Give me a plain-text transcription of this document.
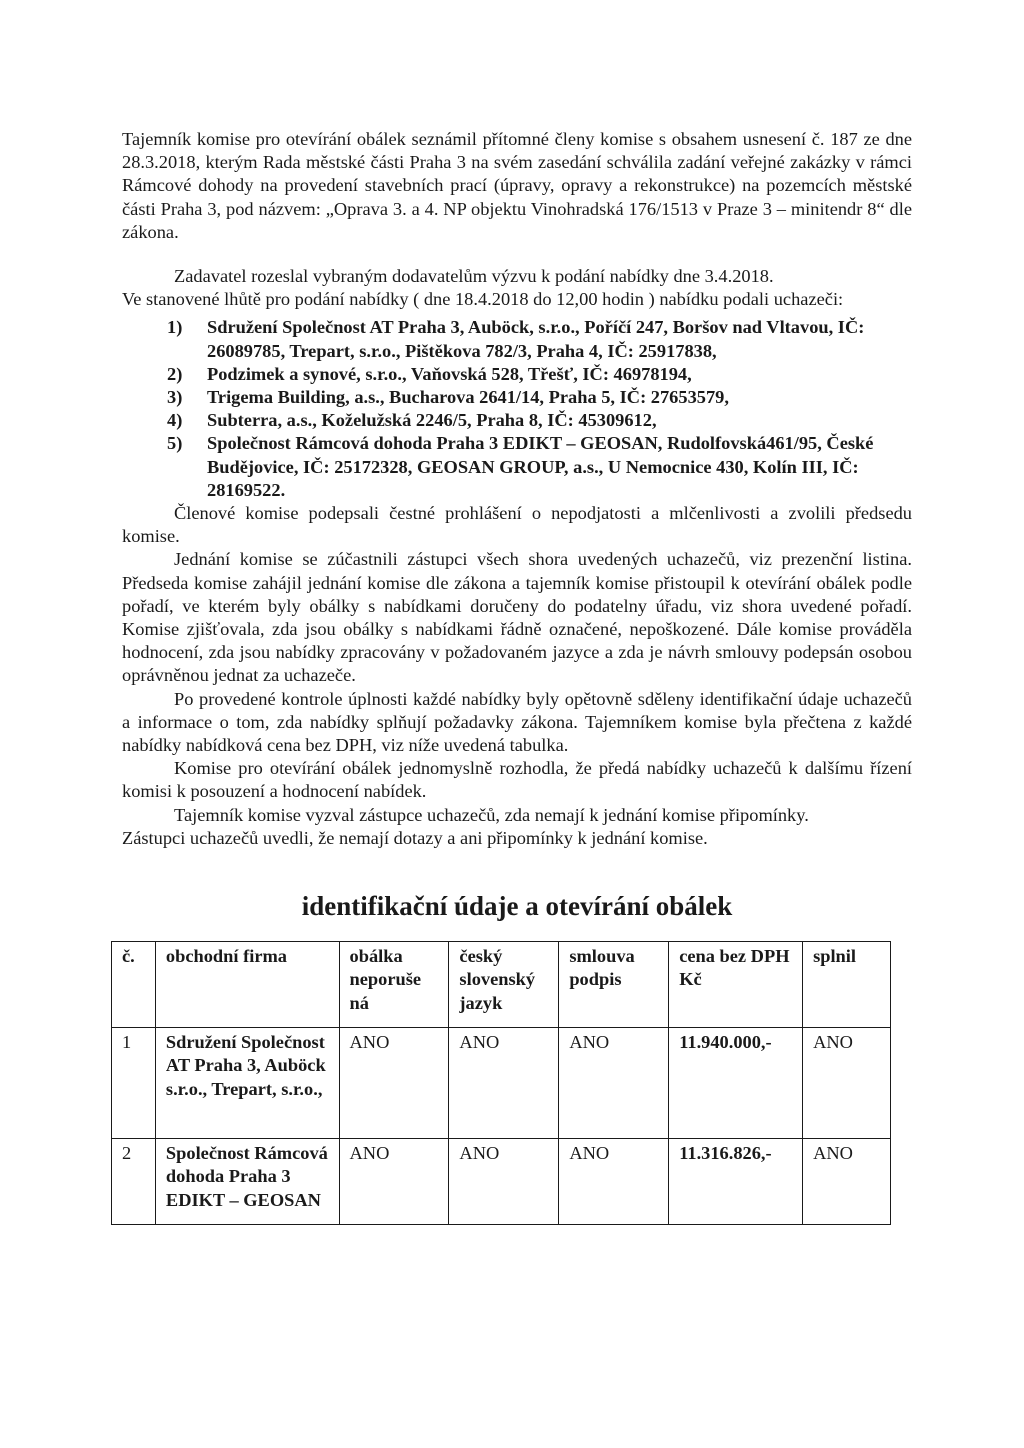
Tajemník komise pro otevírání obálek seznámil přítomné členy komise s obsahem usnesení č. 187 ze dne 28.3.2018, kterým Rada městské části Praha 3 na svém zasedání schválila zadání veřejné zakázky v rámci Rámcové dohody na provedení stavebních prací (úpravy, opravy a rekonstrukce) na pozemcích městské části Praha 3, pod názvem: „Oprava 3. a 4. NP objektu Vinohradská 176/1513 v Praze 3 – minitendr 8“ dle zákona.

Zadavatel rozeslal vybraným dodavatelům výzvu k podání nabídky dne 3.4.2018.

Ve stanovené lhůtě pro podání nabídky ( dne 18.4.2018 do 12,00 hodin ) nabídku podali uchazeči:

1) Sdružení Společnost AT Praha 3, Auböck, s.r.o., Poříčí 247, Boršov nad Vltavou, IČ: 26089785, Trepart, s.r.o., Pištěkova 782/3, Praha 4, IČ: 25917838,
2) Podzimek a synové, s.r.o., Vaňovská 528, Třešť, IČ: 46978194,
3) Trigema Building, a.s., Bucharova 2641/14, Praha 5, IČ: 27653579,
4) Subterra, a.s., Koželužská 2246/5, Praha 8, IČ: 45309612,
5) Společnost Rámcová dohoda Praha 3 EDIKT – GEOSAN, Rudolfovská461/95, České Budějovice, IČ: 25172328, GEOSAN GROUP, a.s., U Nemocnice 430, Kolín III, IČ: 28169522.

Členové komise podepsali čestné prohlášení o nepodjatosti a mlčenlivosti a zvolili předsedu komise.

Jednání komise se zúčastnili zástupci všech shora uvedených uchazečů, viz prezenční listina. Předseda komise zahájil jednání komise dle zákona a tajemník komise přistoupil k otevírání obálek podle pořadí, ve kterém byly obálky s nabídkami doručeny do podatelny úřadu, viz shora uvedené pořadí. Komise zjišťovala, zda jsou obálky s nabídkami řádně označené, nepoškozené. Dále komise prováděla hodnocení, zda jsou nabídky zpracovány v požadovaném jazyce a zda je návrh smlouvy podepsán osobou oprávněnou jednat za uchazeče.

Po provedené kontrole úplnosti každé nabídky byly opětovně sděleny identifikační údaje uchazečů a informace o tom, zda nabídky splňují požadavky zákona. Tajemníkem komise byla přečtena z každé nabídky nabídková cena bez DPH, viz níže uvedená tabulka.

Komise pro otevírání obálek jednomyslně rozhodla, že předá nabídky uchazečů k dalšímu řízení komisi k posouzení a hodnocení nabídek.

Tajemník komise vyzval zástupce uchazečů, zda nemají k jednání komise připomínky.

Zástupci uchazečů uvedli, že nemají dotazy a ani připomínky k jednání komise.

identifikační údaje a otevírání obálek
č.	obchodní firma	obálka neporuše ná	český slovenský jazyk	smlouva podpis	cena bez DPH Kč	splnil
1	Sdružení Společnost AT Praha 3, Auböck s.r.o., Trepart, s.r.o.,	ANO	ANO	ANO	11.940.000,-	ANO
2	Společnost Rámcová dohoda Praha 3 EDIKT – GEOSAN	ANO	ANO	ANO	11.316.826,-	ANO
